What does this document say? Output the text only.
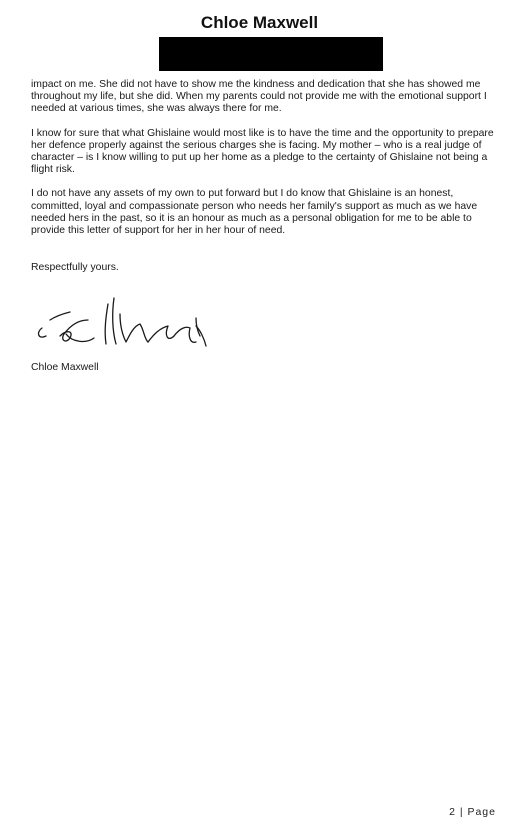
Chloe Maxwell

impact on me. She did not have to show me the kindness and dedication that she has showed me throughout my life, but she did. When my parents could not provide me with the emotional support I needed at various times, she was always there for me.

I know for sure that what Ghislaine would most like is to have the time and the opportunity to prepare her defence properly against the serious charges she is facing. My mother – who is a real judge of character – is I know willing to put up her home as a pledge to the certainty of Ghislaine not being a flight risk.

I do not have any assets of my own to put forward but I do know that Ghislaine is an honest, committed, loyal and compassionate person who needs her family's support as much as we have needed hers in the past, so it is an honour as much as a personal obligation for me to be able to provide this letter of support for her in her hour of need.

Respectfully yours.
Chloe Maxwell
2 | Page
